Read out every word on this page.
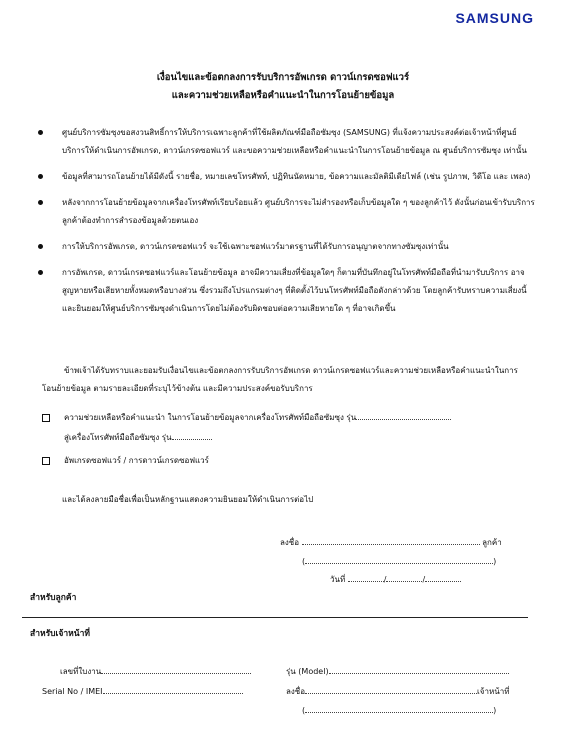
SAMSUNG
เงื่อนไขและข้อตกลงการรับบริการอัพเกรด ดาวน์เกรดซอฟแวร์
และความช่วยเหลือหรือคำแนะนำในการโอนย้ายข้อมูล
ศูนย์บริการซัมซุงขอสงวนสิทธิ์การให้บริการเฉพาะลูกค้าที่ใช้ผลิตภัณฑ์มือถือซัมซุง (SAMSUNG) ที่แจ้งความประสงค์ต่อเจ้าหน้าที่ศูนย์บริการให้ดำเนินการอัพเกรด, ดาวน์เกรดซอฟแวร์ และขอความช่วยเหลือหรือคำแนะนำในการโอนย้ายข้อมูล ณ ศูนย์บริการซัมซุง เท่านั้น
ข้อมูลที่สามารถโอนย้ายได้มีดังนี้ รายชื่อ, หมายเลขโทรศัพท์, ปฏิทินนัดหมาย, ข้อความและมัลติมีเดียไฟล์ (เช่น รูปภาพ, วิดีโอ และ เพลง)
หลังจากการโอนย้ายข้อมูลจากเครื่องโทรศัพท์เรียบร้อยแล้ว ศูนย์บริการจะไม่สำรองหรือเก็บข้อมูลใด ๆ ของลูกค้าไว้ ดังนั้นก่อนเข้ารับบริการลูกค้าต้องทำการสำรองข้อมูลด้วยตนเอง
การให้บริการอัพเกรด, ดาวน์เกรดซอฟแวร์ จะใช้เฉพาะซอฟแวร์มาตรฐานที่ได้รับการอนุญาตจากทางซัมซุงเท่านั้น
การอัพเกรด, ดาวน์เกรดซอฟแวร์และโอนย้ายข้อมูล อาจมีความเสี่ยงที่ข้อมูลใดๆ ก็ตามที่บันทึกอยู่ในโทรศัพท์มือถือที่นำมารับบริการ อาจสูญหายหรือเสียหายทั้งหมดหรือบางส่วน ซึ่งรวมถึงโปรแกรมต่างๆ ที่ติดตั้งไว้บนโทรศัพท์มือถือดังกล่าวด้วย โดยลูกค้ารับทราบความเสี่ยงนี้และยินยอมให้ศูนย์บริการซัมซุงดำเนินการโดยไม่ต้องรับผิดชอบต่อความเสียหายใด ๆ ที่อาจเกิดขึ้น
ข้าพเจ้าได้รับทราบและยอมรับเงื่อนไขและข้อตกลงการรับบริการอัพเกรด ดาวน์เกรดซอฟแวร์และความช่วยเหลือหรือคำแนะนำในการโอนย้ายข้อมูล ตามรายละเอียดที่ระบุไว้ข้างต้น และมีความประสงค์ขอรับบริการ
ความช่วยเหลือหรือคำแนะนำ ในการโอนย้ายข้อมูลจากเครื่องโทรศัพท์มือถือซัมซุง รุ่น
สู่เครื่องโทรศัพท์มือถือซัมซุง รุ่น
อัพเกรดซอฟแวร์ / การดาวน์เกรดซอฟแวร์
และได้ลงลายมือชื่อเพื่อเป็นหลักฐานแสดงความยินยอมให้ดำเนินการต่อไป
ลงชื่อ	ลูกค้า
(	)
วันที่	/	/
สำหรับลูกค้า
สำหรับเจ้าหน้าที่
เลขที่ใบงาน	รุ่น (Model)
Serial No / IMEI	ลงชื่อ	เจ้าหน้าที่
(	)
